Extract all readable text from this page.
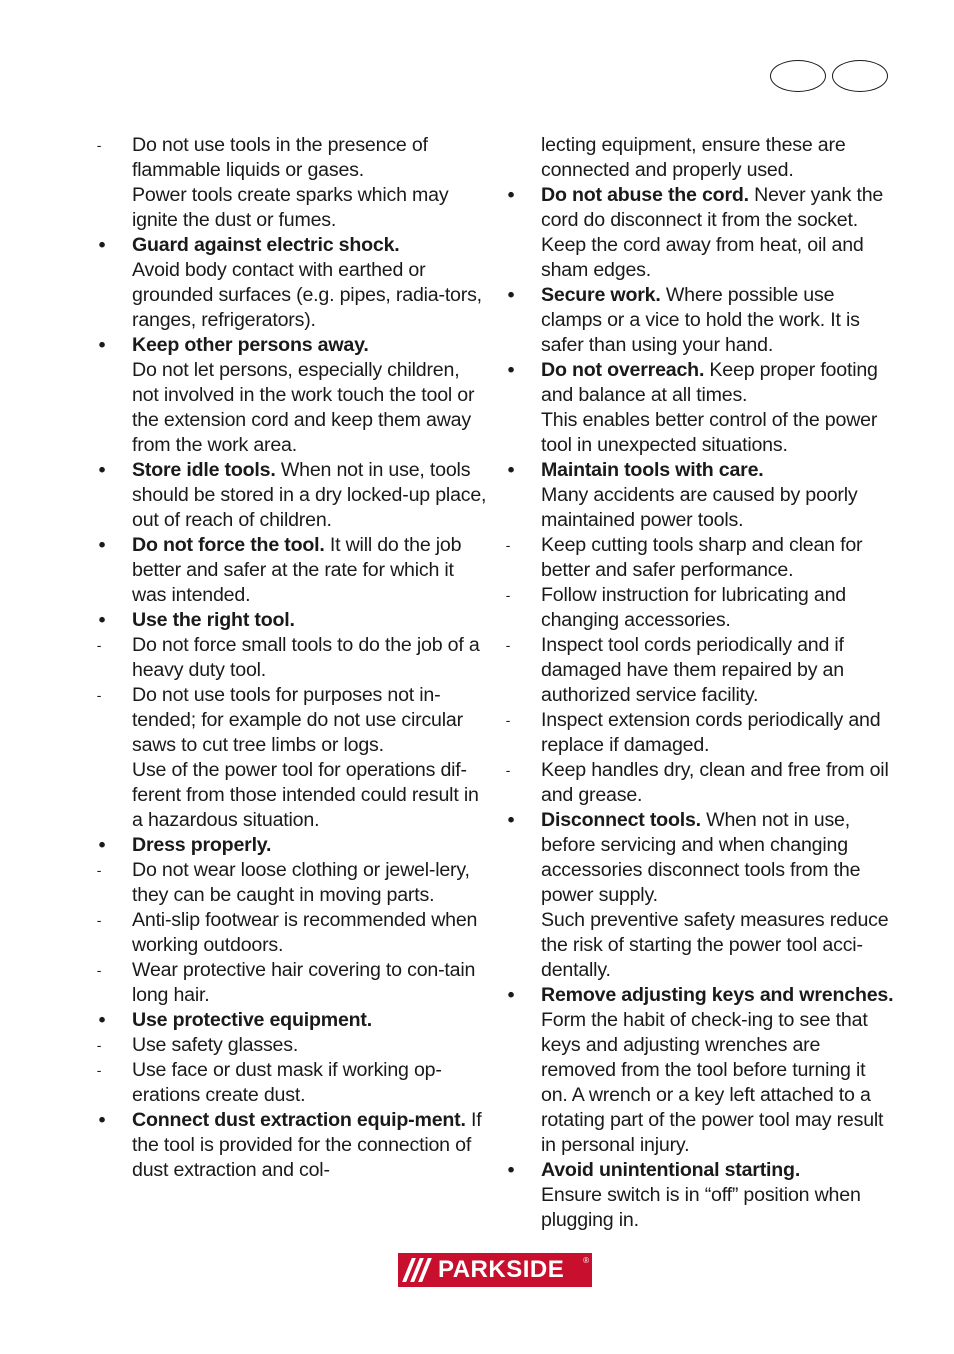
- Do not use tools in the presence of flammable liquids or gases.
Power tools create sparks which may ignite the dust or fumes.
•	Guard against electric shock.
Avoid body contact with earthed or grounded surfaces (e.g. pipes, radia-tors, ranges, refrigerators).
•	Keep other persons away.
Do not let persons, especially children, not involved in the work touch the tool or the extension cord and keep them away from the work area.
•	Store idle tools. When not in use, tools should be stored in a dry locked-up place, out of reach of children.
•	Do not force the tool. It will do the job better and safer at the rate for which it was intended.
•	Use the right tool.
- Do not force small tools to do the job of a heavy duty tool.
- Do not use tools for purposes not in-tended; for example do not use circular saws to cut tree limbs or logs.
Use of the power tool for operations dif-ferent from those intended could result in a hazardous situation.
•	Dress properly.
- Do not wear loose clothing or jewel-lery, they can be caught in moving parts.
- Anti-slip footwear is recommended when working outdoors.
- Wear protective hair covering to con-tain long hair.
•	Use protective equipment.
- Use safety glasses.
- Use face or dust mask if working op-erations create dust.
•	Connect dust extraction equip-ment. If the tool is provided for the connection of dust extraction and col-
lecting equipment, ensure these are connected and properly used.
•	Do not abuse the cord. Never yank the cord do disconnect it from the socket. Keep the cord away from heat, oil and sham edges.
•	Secure work. Where possible use clamps or a vice to hold the work. It is safer than using your hand.
•	Do not overreach. Keep proper footing and balance at all times.
This enables better control of the power tool in unexpected situations.
•	Maintain tools with care.
Many accidents are caused by poorly maintained power tools.
- Keep cutting tools sharp and clean for better and safer performance.
- Follow instruction for lubricating and changing accessories.
- Inspect tool cords periodically and if damaged have them repaired by an authorized service facility.
- Inspect extension cords periodically and replace if damaged.
- Keep handles dry, clean and free from oil and grease.
•	Disconnect tools. When not in use, before servicing and when changing accessories disconnect tools from the power supply.
Such preventive safety measures reduce the risk of starting the power tool acci-dentally.
•	Remove adjusting keys and wrenches. Form the habit of check-ing to see that keys and adjusting wrenches are removed from the tool before turning it on. A wrench or a key left attached to a rotating part of the power tool may result in personal injury.
•	Avoid unintentional starting.
Ensure switch is in “off” position when plugging in.
PARKSIDE ®
